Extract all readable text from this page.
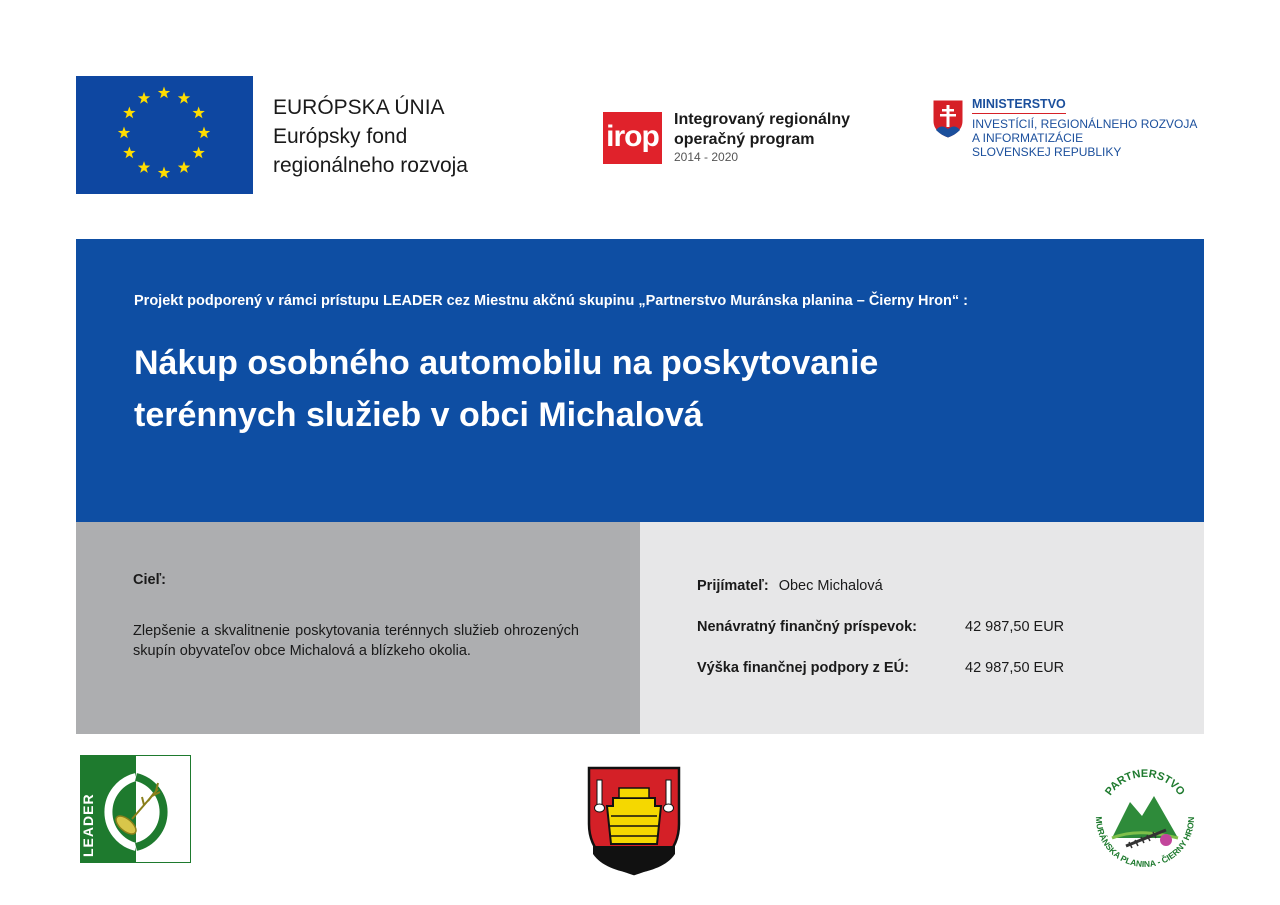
EURÓPSKA ÚNIA
Európsky fond
regionálneho rozvoja
irop
Integrovaný regionálny
operačný program
2014 - 2020
MINISTERSTVO
INVESTÍCIÍ, REGIONÁLNEHO ROZVOJA
A INFORMATIZÁCIE
SLOVENSKEJ REPUBLIKY
Projekt podporený v rámci prístupu LEADER cez Miestnu akčnú skupinu „Partnerstvo Muránska planina – Čierny Hron“ :
Nákup osobného automobilu na poskytovanie
terénnych služieb v obci Michalová
Cieľ:
Zlepšenie a skvalitnenie poskytovania terénnych služieb ohrozených skupín obyvateľov obce Michalová a blízkeho okolia.
Prijímateľ: Obec Michalová
Nenávratný finančný príspevok:	42 987,50 EUR
Výška finančnej podpory z EÚ:	42 987,50 EUR
LEADER
PARTNERSTVO
MURÁNSKA PLANINA - ČIERNY HRON
